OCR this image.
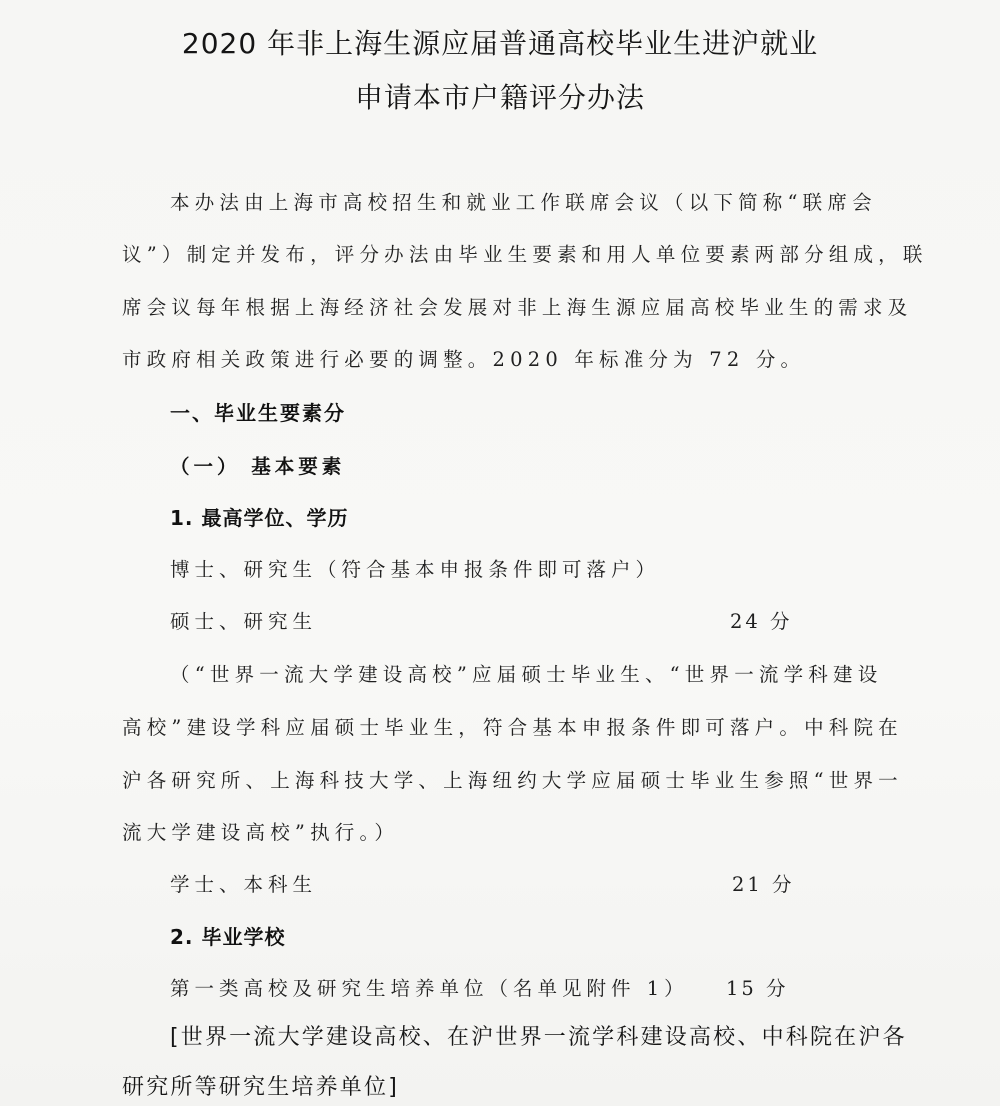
2020 年非上海生源应届普通高校毕业生进沪就业
申请本市户籍评分办法
本办法由上海市高校招生和就业工作联席会议（以下简称“联席会
议”）制定并发布，评分办法由毕业生要素和用人单位要素两部分组成，联
席会议每年根据上海经济社会发展对非上海生源应届高校毕业生的需求及
市政府相关政策进行必要的调整。2020 年标准分为 72 分。
一、毕业生要素分
（一） 基本要素
1. 最高学位、学历
博士、研究生（符合基本申报条件即可落户）
硕士、研究生	24 分
（“世界一流大学建设高校”应届硕士毕业生、“世界一流学科建设
高校”建设学科应届硕士毕业生，符合基本申报条件即可落户。中科院在
沪各研究所、上海科技大学、上海纽约大学应届硕士毕业生参照“世界一
流大学建设高校”执行。）
学士、本科生	21 分
2. 毕业学校
第一类高校及研究生培养单位（名单见附件 1） 15 分
[世界一流大学建设高校、在沪世界一流学科建设高校、中科院在沪各
研究所等研究生培养单位]
